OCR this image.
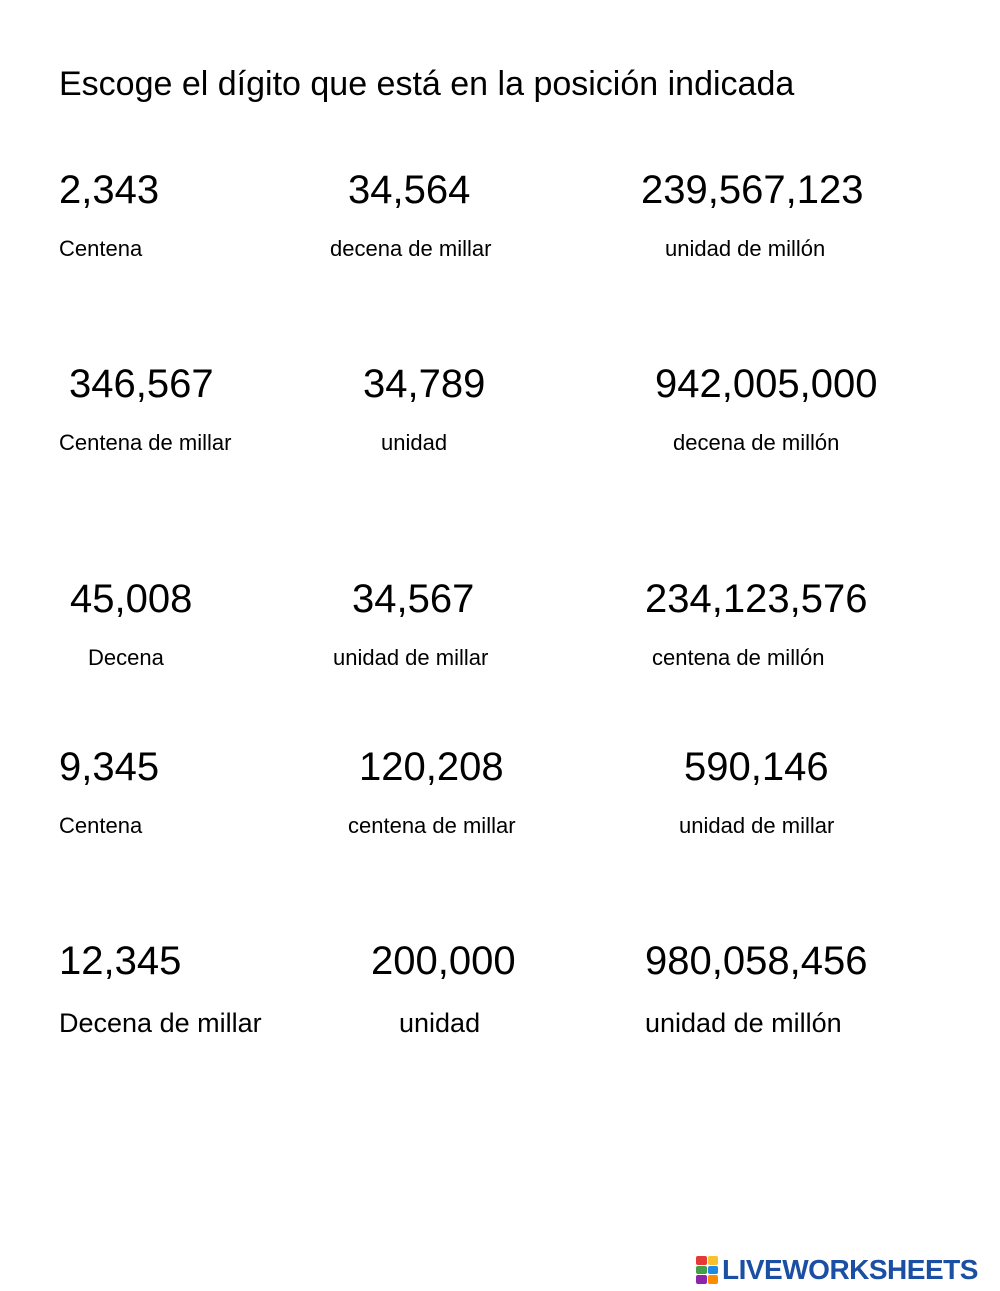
Escoge el dígito que está en la posición indicada
2,343
Centena
34,564
decena de millar
239,567,123
unidad de millón
346,567
Centena de millar
34,789
unidad
942,005,000
decena de millón
45,008
Decena
34,567
unidad de millar
234,123,576
centena de millón
9,345
Centena
120,208
centena de millar
590,146
unidad de millar
12,345
Decena de millar
200,000
unidad
980,058,456
unidad de millón
LIVEWORKSHEETS
